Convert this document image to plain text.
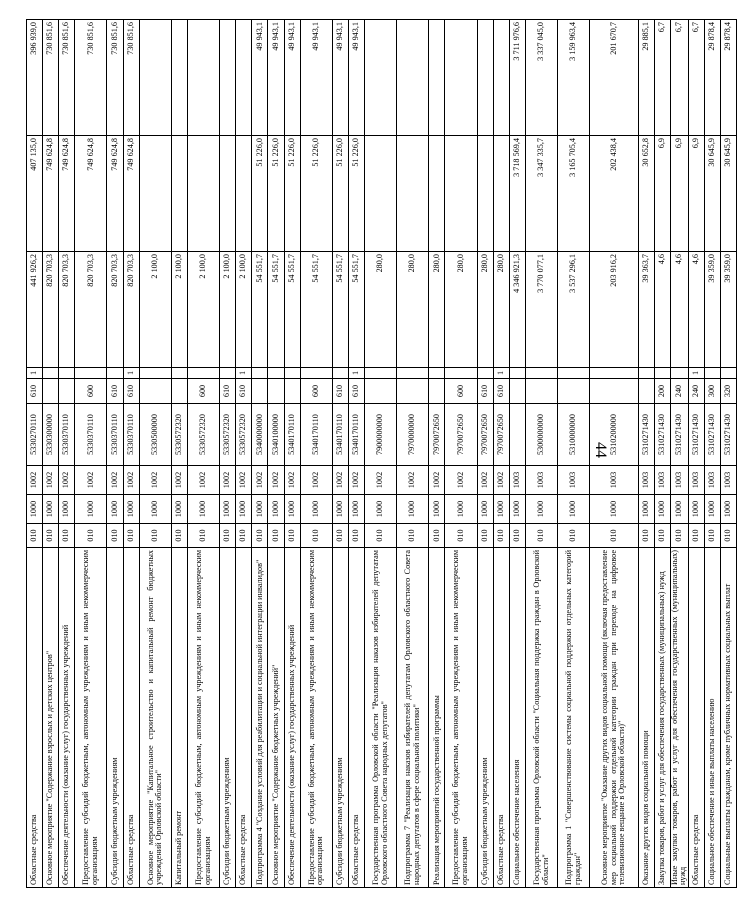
44
Областные средства	010	1000	1002	5330270110	610	1	441 926,2	407 135,0	396 939,0
Основное мероприятие "Содержание взрослых и детских центров"	010	1000	1002	5330300000			820 703,3	749 624,8	730 851,6
Обеспечение деятельности (оказание услуг) государственных учреждений	010	1000	1002	5330370110			820 703,3	749 624,8	730 851,6
Предоставление субсидий бюджетным, автономным учреждениям и иным некоммерческим организациям	010	1000	1002	5330370110	600		820 703,3	749 624,8	730 851,6
Субсидии бюджетным учреждениям	010	1000	1002	5330370110	610		820 703,3	749 624,8	730 851,6
Областные средства	010	1000	1002	5330370110	610	1	820 703,3	749 624,8	730 851,6
Основное мероприятие "Капитальное строительство и капитальный ремонт бюджетных учреждений Орловской области"	010	1000	1002	5330500000			2 100,0		
Капитальный ремонт	010	1000	1002	5330572320			2 100,0		
Предоставление субсидий бюджетным, автономным учреждениям и иным некоммерческим организациям	010	1000	1002	5330572320	600		2 100,0		
Субсидии бюджетным учреждениям	010	1000	1002	5330572320	610		2 100,0		
Областные средства	010	1000	1002	5330572320	610	1	2 100,0		
Подпрограмма 4 "Создание условий для реабилитации и социальной интеграции инвалидов"	010	1000	1002	5340000000			54 551,7	51 226,0	49 943,1
Основное мероприятие "Содержание бюджетных учреждений"	010	1000	1002	5340100000			54 551,7	51 226,0	49 943,1
Обеспечение деятельности (оказание услуг) государственных учреждений	010	1000	1002	5340170110			54 551,7	51 226,0	49 943,1
Предоставление субсидий бюджетным, автономным учреждениям и иным некоммерческим организациям	010	1000	1002	5340170110	600		54 551,7	51 226,0	49 943,1
Субсидии бюджетным учреждениям	010	1000	1002	5340170110	610		54 551,7	51 226,0	49 943,1
Областные средства	010	1000	1002	5340170110	610	1	54 551,7	51 226,0	49 943,1
Государственная программа Орловской области "Реализация наказов избирателей депутатам Орловского областного Совета народных депутатов"	010	1000	1002	7900000000			280,0		
Подпрограмма 7 "Реализация наказов избирателей депутатам Орловского областного Совета народных депутатов в сфере социальной политики"	010	1000	1002	7970000000			280,0		
Реализация мероприятий государственной программы	010	1000	1002	7970072650			280,0		
Предоставление субсидий бюджетным, автономным учреждениям и иным некоммерческим организациям	010	1000	1002	7970072650	600		280,0		
Субсидии бюджетным учреждениям	010	1000	1002	7970072650	610		280,0		
Областные средства	010	1000	1002	7970072650	610	1	280,0		
Социальное обеспечение населения	010	1000	1003				4 346 921,3	3 718 569,4	3 711 976,6
Государственная программа Орловской области "Социальная поддержка граждан в Орловской области"	010	1000	1003	5300000000			3 770 077,1	3 347 335,7	3 337 045,0
Подпрограмма 1 "Совершенствование системы социальной поддержки отдельных категорий граждан"	010	1000	1003	5310000000			3 537 296,1	3 165 705,4	3 159 963,4
Основное мероприятие "Оказание других видов социальной помощи (включая предоставление мер социальной поддержки отдельной категории граждан при переходе на цифровое телевизионное вещание в Орловской области)"	010	1000	1003	5310200000			203 916,2	202 438,4	201 670,7
Оказание других видов социальной помощи	010	1000	1003	5310271430			39 363,7	30 652,8	29 885,1
Закупка товаров, работ и услуг для обеспечения государственных (муниципальных) нужд	010	1000	1003	5310271430	200		4,6	6,9	6,7
Иные закупки товаров, работ и услуг для обеспечения государственных (муниципальных) нужд	010	1000	1003	5310271430	240		4,6	6,9	6,7
Областные средства	010	1000	1003	5310271430	240	1	4,6	6,9	6,7
Социальное обеспечение и иные выплаты населению	010	1000	1003	5310271430	300		39 359,0	30 645,9	29 878,4
Социальные выплаты гражданам, кроме публичных нормативных социальных выплат	010	1000	1003	5310271430	320		39 359,0	30 645,9	29 878,4
